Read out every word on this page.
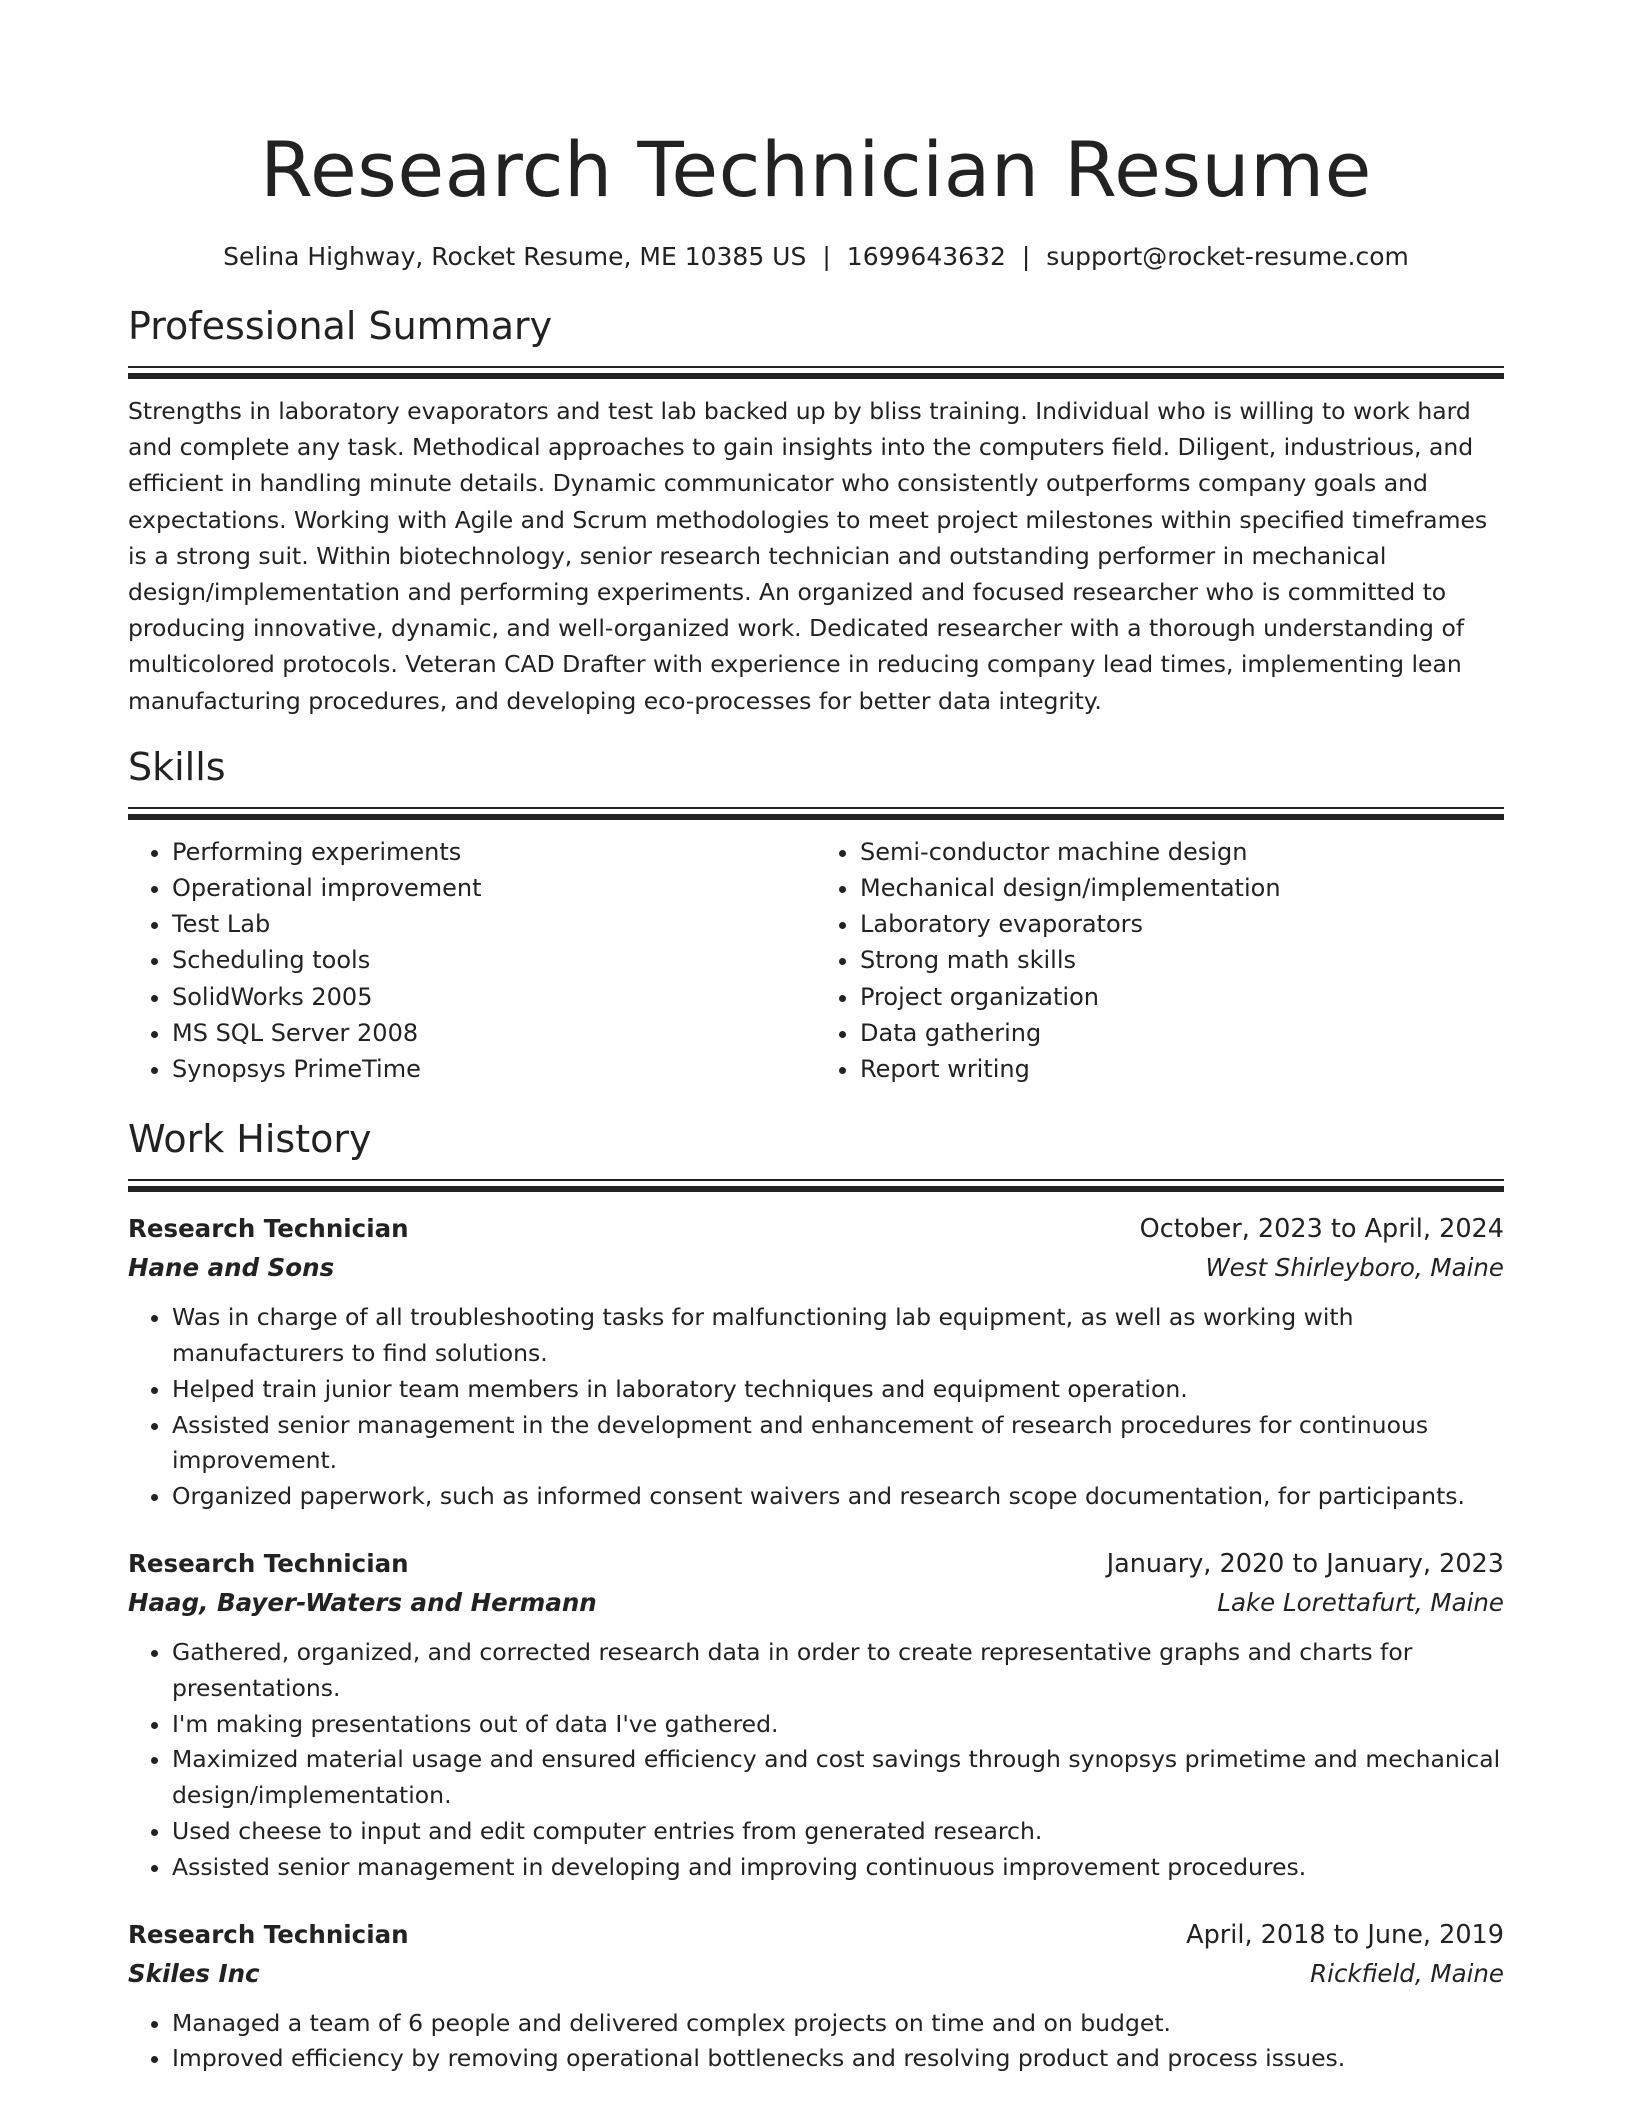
Research Technician Resume
Selina Highway, Rocket Resume, ME 10385 US | 1699643632 | support@rocket-resume.com
Professional Summary

Strengths in laboratory evaporators and test lab backed up by bliss training. Individual who is willing to work hard and complete any task. Methodical approaches to gain insights into the computers field. Diligent, industrious, and efficient in handling minute details. Dynamic communicator who consistently outperforms company goals and expectations. Working with Agile and Scrum methodologies to meet project milestones within specified timeframes is a strong suit. Within biotechnology, senior research technician and outstanding performer in mechanical design/implementation and performing experiments. An organized and focused researcher who is committed to producing innovative, dynamic, and well-organized work. Dedicated researcher with a thorough understanding of multicolored protocols. Veteran CAD Drafter with experience in reducing company lead times, implementing lean manufacturing procedures, and developing eco-processes for better data integrity.

Skills
• Performing experiments
• Operational improvement
• Test Lab
• Scheduling tools
• SolidWorks 2005
• MS SQL Server 2008
• Synopsys PrimeTime
• Semi-conductor machine design
• Mechanical design/implementation
• Laboratory evaporators
• Strong math skills
• Project organization
• Data gathering
• Report writing
Work History
Research Technician	October, 2023 to April, 2024
Hane and Sons	West Shirleyboro, Maine
• Was in charge of all troubleshooting tasks for malfunctioning lab equipment, as well as working with manufacturers to find solutions.
• Helped train junior team members in laboratory techniques and equipment operation.
• Assisted senior management in the development and enhancement of research procedures for continuous improvement.
• Organized paperwork, such as informed consent waivers and research scope documentation, for participants.
Research Technician	January, 2020 to January, 2023
Haag, Bayer-Waters and Hermann	Lake Lorettafurt, Maine
• Gathered, organized, and corrected research data in order to create representative graphs and charts for presentations.
• I'm making presentations out of data I've gathered.
• Maximized material usage and ensured efficiency and cost savings through synopsys primetime and mechanical design/implementation.
• Used cheese to input and edit computer entries from generated research.
• Assisted senior management in developing and improving continuous improvement procedures.
Research Technician	April, 2018 to June, 2019
Skiles Inc	Rickfield, Maine
• Managed a team of 6 people and delivered complex projects on time and on budget.
• Improved efficiency by removing operational bottlenecks and resolving product and process issues.
